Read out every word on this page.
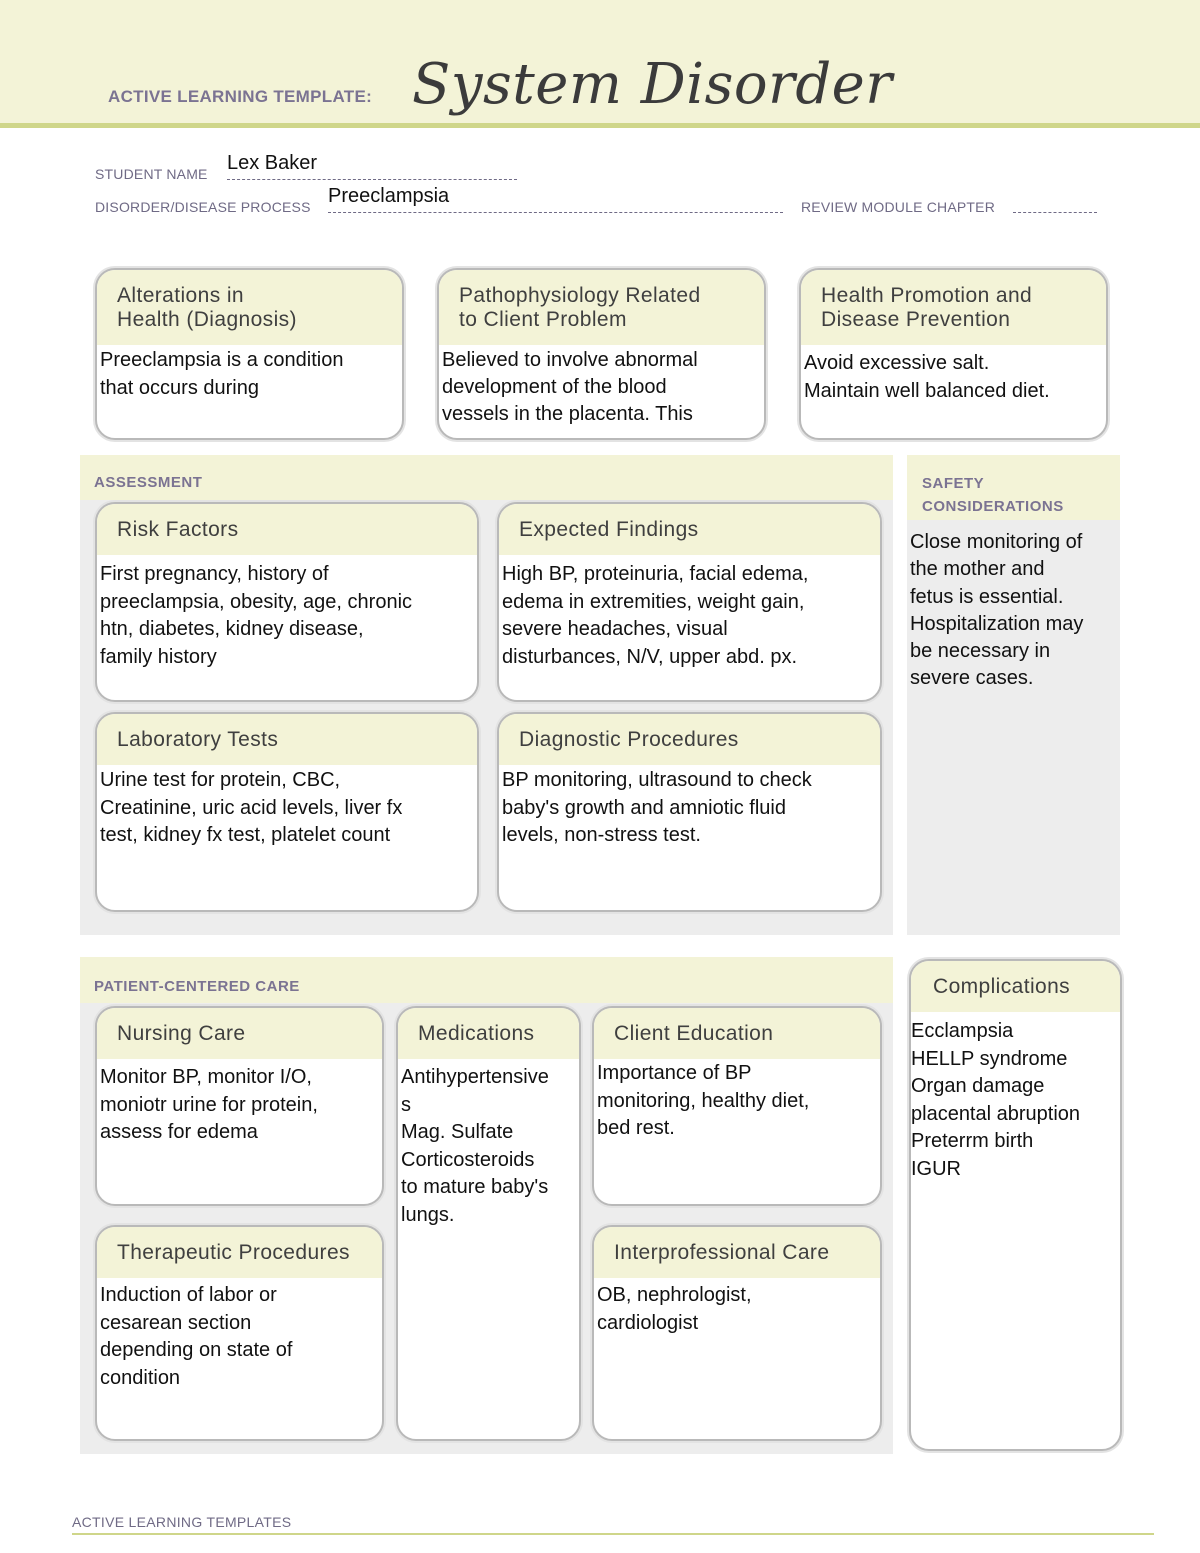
ACTIVE LEARNING TEMPLATE: System Disorder
STUDENT NAME Lex Baker
DISORDER/DISEASE PROCESS Preeclampsia	REVIEW MODULE CHAPTER
Alterations in
Health (Diagnosis)
Preeclampsia is a condition
that occurs during
Pathophysiology Related
to Client Problem
Believed to involve abnormal
development of the blood
vessels in the placenta. This
Health Promotion and
Disease Prevention
Avoid excessive salt.
Maintain well balanced diet.
ASSESSMENT
Risk Factors
First pregnancy, history of
preeclampsia, obesity, age, chronic
htn, diabetes, kidney disease,
family history
Expected Findings
High BP, proteinuria, facial edema,
edema in extremities, weight gain,
severe headaches, visual
disturbances, N/V, upper abd. px.
Laboratory Tests
Urine test for protein, CBC,
Creatinine, uric acid levels, liver fx
test, kidney fx test, platelet count
Diagnostic Procedures
BP monitoring, ultrasound to check
baby's growth and amniotic fluid
levels, non-stress test.
SAFETY
CONSIDERATIONS
Close monitoring of
the mother and
fetus is essential.
Hospitalization may
be necessary in
severe cases.
PATIENT-CENTERED CARE
Nursing Care
Monitor BP, monitor I/O,
moniotr urine for protein,
assess for edema
Medications
Antihypertensive
s
Mag. Sulfate
Corticosteroids
to mature baby's
lungs.
Client Education
Importance of BP
monitoring, healthy diet,
bed rest.
Therapeutic Procedures
Induction of labor or
cesarean section
depending on state of
condition
Interprofessional Care
OB, nephrologist,
cardiologist
Complications
Ecclampsia
HELLP syndrome
Organ damage
placental abruption
Preterrm birth
IGUR
ACTIVE LEARNING TEMPLATES
